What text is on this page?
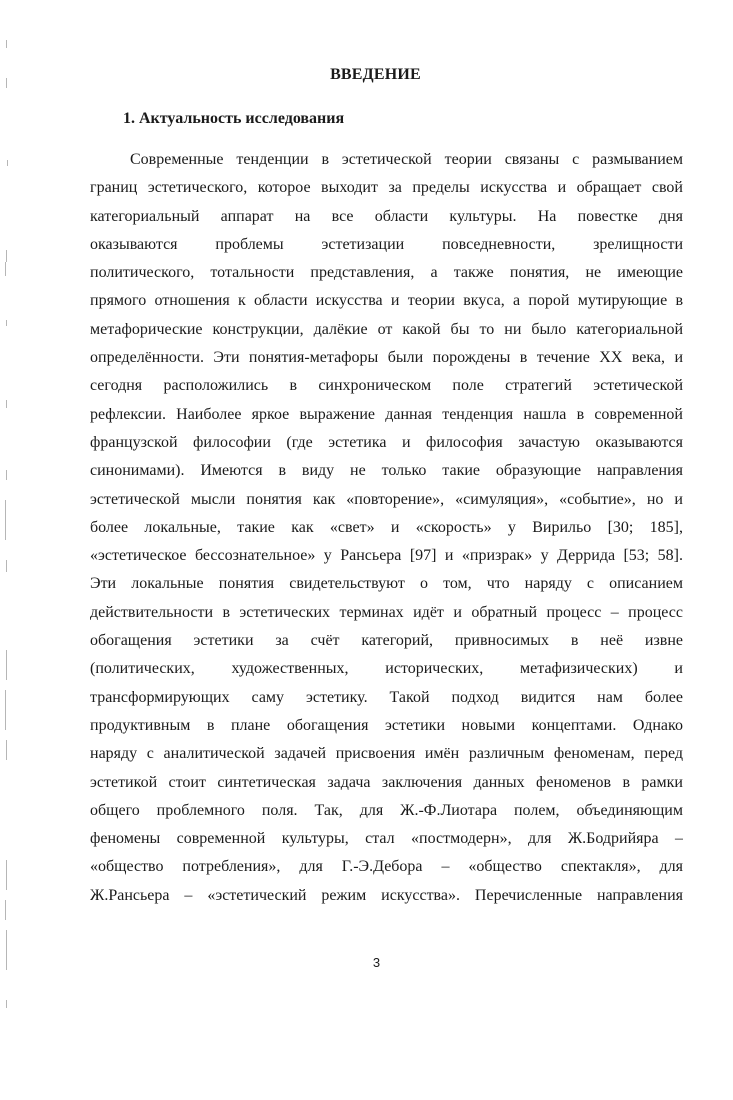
ВВЕДЕНИЕ
1. Актуальность исследования
Современные тенденции в эстетической теории связаны с размыванием
границ эстетического, которое выходит за пределы искусства и обращает свой
категориальный аппарат на все области культуры. На повестке дня
оказываются проблемы эстетизации повседневности, зрелищности
политического, тотальности представления, а также понятия, не имеющие
прямого отношения к области искусства и теории вкуса, а порой мутирующие в
метафорические конструкции, далёкие от какой бы то ни было категориальной
определённости. Эти понятия-метафоры были порождены в течение ХХ века, и
сегодня расположились в синхроническом поле стратегий эстетической
рефлексии. Наиболее яркое выражение данная тенденция нашла в современной
французской философии (где эстетика и философия зачастую оказываются
синонимами). Имеются в виду не только такие образующие направления
эстетической мысли понятия как «повторение», «симуляция», «событие», но и
более локальные, такие как «свет» и «скорость» у Вирильо [30; 185],
«эстетическое бессознательное» у Рансьера [97] и «призрак» у Деррида [53; 58].
Эти локальные понятия свидетельствуют о том, что наряду с описанием
действительности в эстетических терминах идёт и обратный процесс – процесс
обогащения эстетики за счёт категорий, привносимых в неё извне
(политических, художественных, исторических, метафизических) и
трансформирующих саму эстетику. Такой подход видится нам более
продуктивным в плане обогащения эстетики новыми концептами. Однако
наряду с аналитической задачей присвоения имён различным феноменам, перед
эстетикой стоит синтетическая задача заключения данных феноменов в рамки
общего проблемного поля. Так, для Ж.-Ф.Лиотара полем, объединяющим
феномены современной культуры, стал «постмодерн», для Ж.Бодрийяра –
«общество потребления», для Г.-Э.Дебора – «общество спектакля», для
Ж.Рансьера – «эстетический режим искусства». Перечисленные направления
3
